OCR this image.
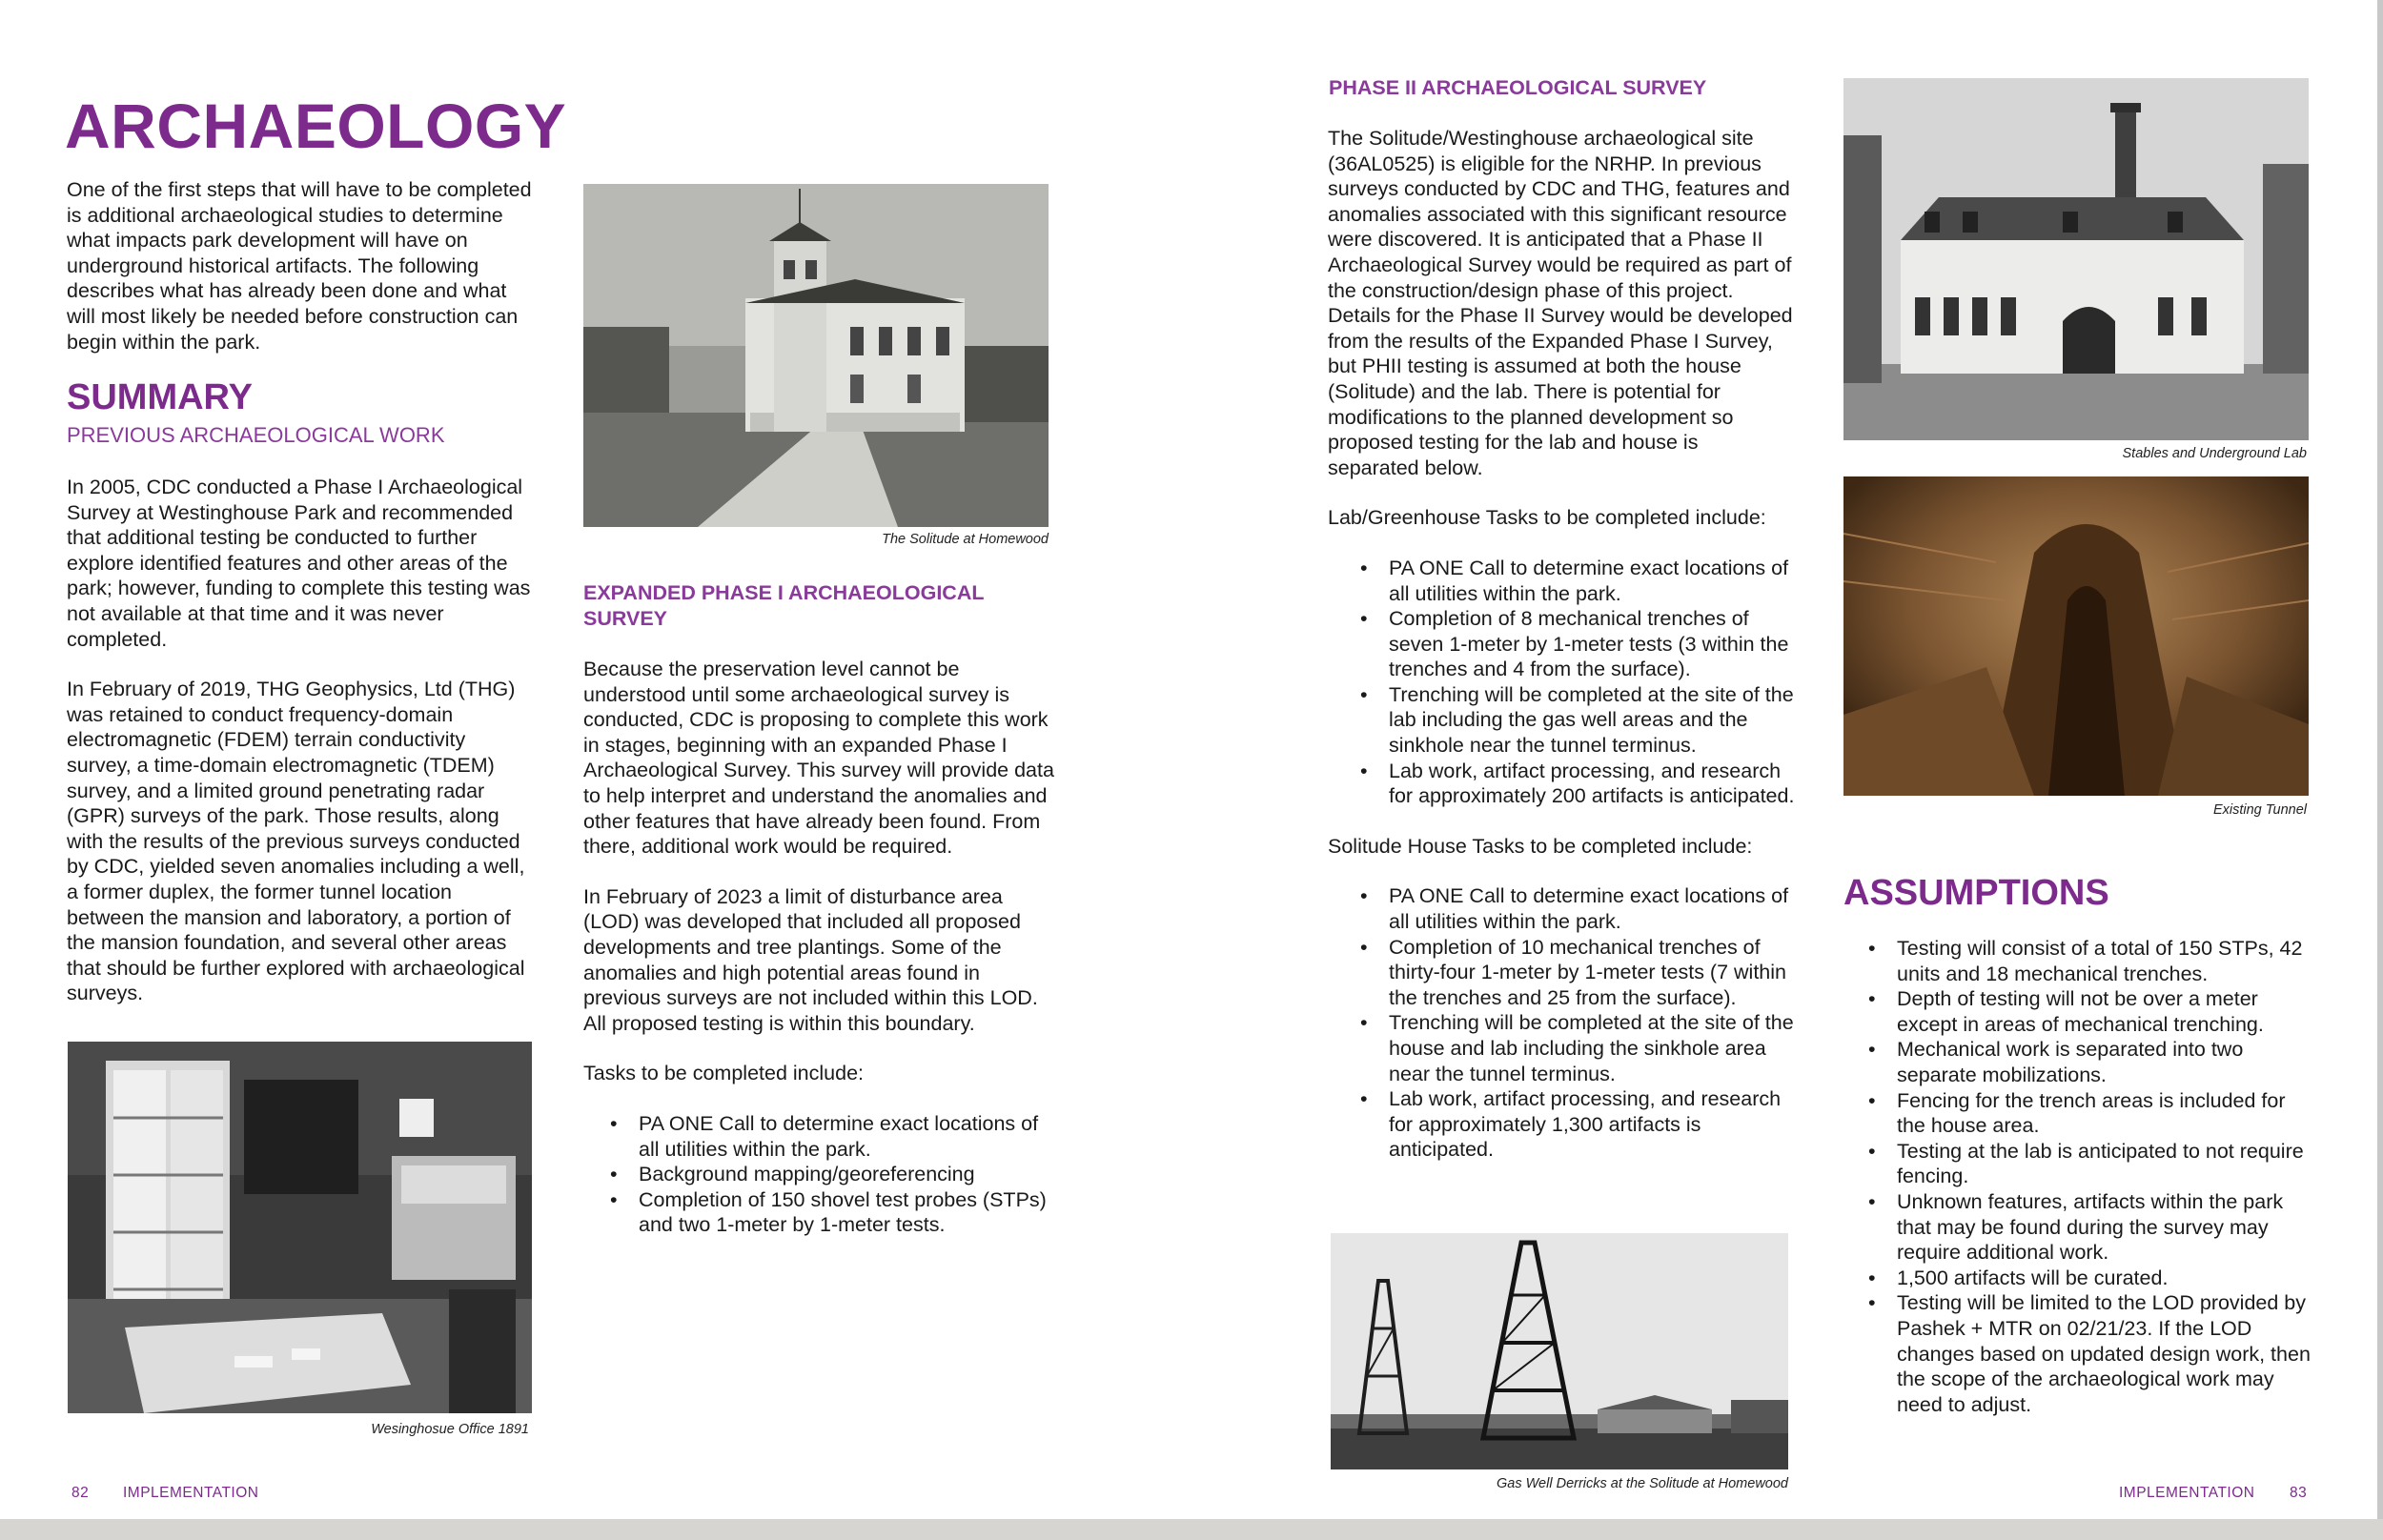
ARCHAEOLOGY
One of the first steps that will have to be completed is additional archaeological studies to determine what impacts park development will have on underground historical artifacts. The following describes what has already been done and what will most likely be needed before construction can begin within the park.
SUMMARY
PREVIOUS ARCHAEOLOGICAL WORK
In 2005, CDC conducted a Phase I Archaeological Survey at Westinghouse Park and recommended that additional testing be conducted to further explore identified features and other areas of the park; however, funding to complete this testing was not available at that time and it was never completed.
In February of 2019, THG Geophysics, Ltd (THG) was retained to conduct frequency-domain electromagnetic (FDEM) terrain conductivity survey, a time-domain electromagnetic (TDEM) survey, and a limited ground penetrating radar (GPR) surveys of the park. Those results, along with the results of the previous surveys conducted by CDC, yielded seven anomalies including a well, a former duplex, the former tunnel location between the mansion and laboratory, a portion of the mansion foundation, and several other areas that should be further explored with archaeological surveys.
Wesinghosue Office 1891
The Solitude at Homewood
EXPANDED PHASE I ARCHAEOLOGICAL SURVEY
Because the preservation level cannot be understood until some archaeological survey is conducted, CDC is proposing to complete this work in stages, beginning with an expanded Phase I Archaeological Survey. This survey will provide data to help interpret and understand the anomalies and other features that have already been found. From there, additional work would be required.
In February of 2023 a limit of disturbance area (LOD) was developed that included all proposed developments and tree plantings. Some of the anomalies and high potential areas found in previous surveys are not included within this LOD. All proposed testing is within this boundary.
Tasks to be completed include:
• PA ONE Call to determine exact locations of all utilities within the park.
• Background mapping/georeferencing
• Completion of 150 shovel test probes (STPs) and two 1-meter by 1-meter tests.
82 IMPLEMENTATION
PHASE II ARCHAEOLOGICAL SURVEY
The Solitude/Westinghouse archaeological site (36AL0525) is eligible for the NRHP. In previous surveys conducted by CDC and THG, features and anomalies associated with this significant resource were discovered. It is anticipated that a Phase II Archaeological Survey would be required as part of the construction/design phase of this project. Details for the Phase II Survey would be developed from the results of the Expanded Phase I Survey, but PHII testing is assumed at both the house (Solitude) and the lab. There is potential for modifications to the planned development so proposed testing for the lab and house is separated below.
Lab/Greenhouse Tasks to be completed include:
• PA ONE Call to determine exact locations of all utilities within the park.
• Completion of 8 mechanical trenches of seven 1-meter by 1-meter tests (3 within the trenches and 4 from the surface).
• Trenching will be completed at the site of the lab including the gas well areas and the sinkhole near the tunnel terminus.
• Lab work, artifact processing, and research for approximately 200 artifacts is anticipated.
Solitude House Tasks to be completed include:
• PA ONE Call to determine exact locations of all utilities within the park.
• Completion of 10 mechanical trenches of thirty-four 1-meter by 1-meter tests (7 within the trenches and 25 from the surface).
• Trenching will be completed at the site of the house and lab including the sinkhole area near the tunnel terminus.
• Lab work, artifact processing, and research for approximately 1,300 artifacts is anticipated.
Gas Well Derricks at the Solitude at Homewood
Stables and Underground Lab
Existing Tunnel
ASSUMPTIONS
• Testing will consist of a total of 150 STPs, 42 units and 18 mechanical trenches.
• Depth of testing will not be over a meter except in areas of mechanical trenching.
• Mechanical work is separated into two separate mobilizations.
• Fencing for the trench areas is included for the house area.
• Testing at the lab is anticipated to not require fencing.
• Unknown features, artifacts within the park that may be found during the survey may require additional work.
• 1,500 artifacts will be curated.
• Testing will be limited to the LOD provided by Pashek + MTR on 02/21/23. If the LOD changes based on updated design work, then the scope of the archaeological work may need to adjust.
IMPLEMENTATION 83
